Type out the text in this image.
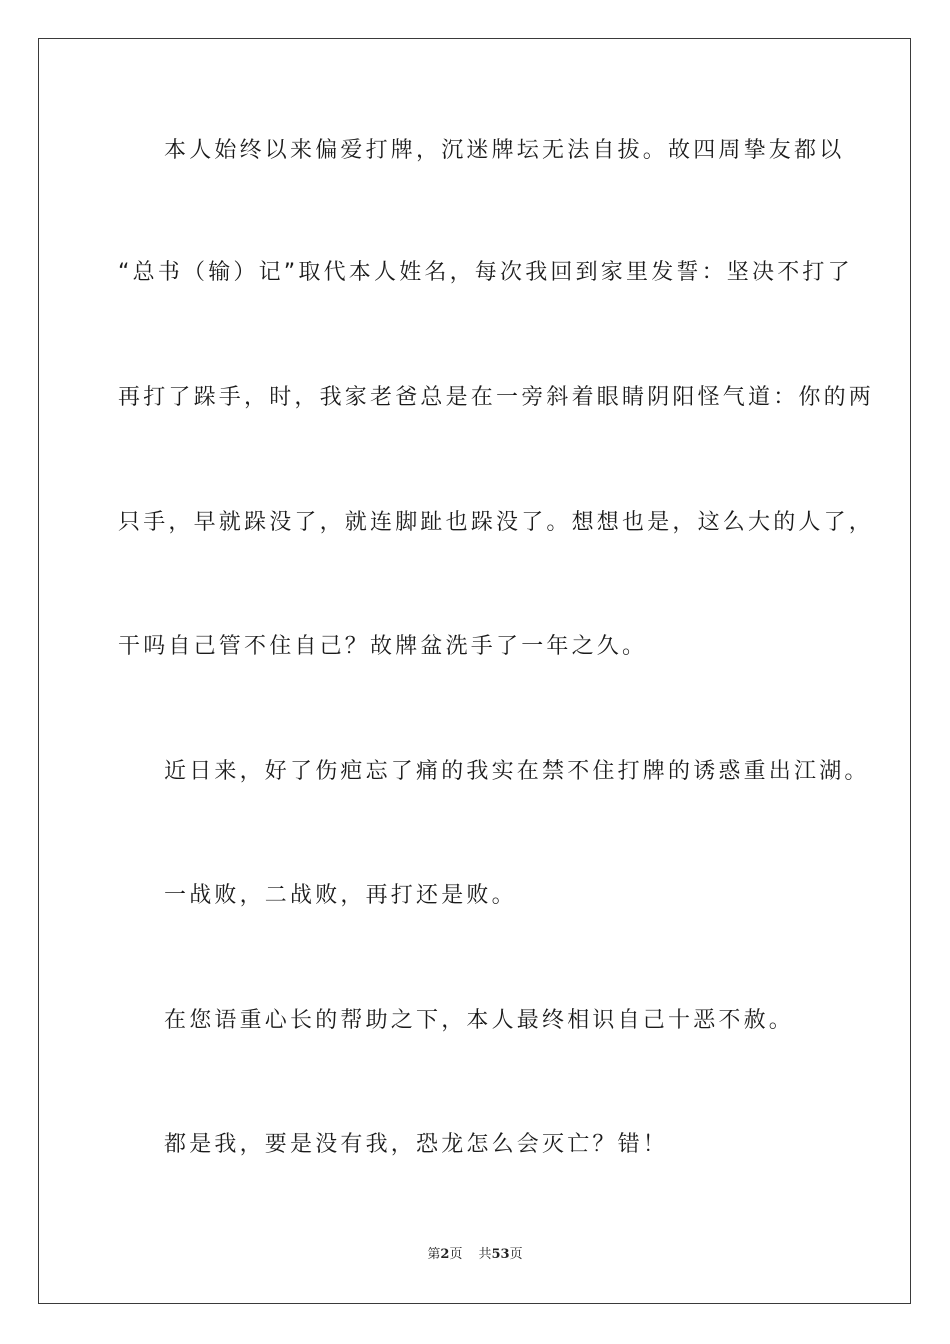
本人始终以来偏爱打牌，沉迷牌坛无法自拔。故四周挚友都以
“总书（输）记”取代本人姓名，每次我回到家里发誓：坚决不打了
再打了跺手，时，我家老爸总是在一旁斜着眼睛阴阳怪气道：你的两
只手，早就跺没了，就连脚趾也跺没了。想想也是，这么大的人了，
干吗自己管不住自己？故牌盆洗手了一年之久。
近日来，好了伤疤忘了痛的我实在禁不住打牌的诱惑重出江湖。
一战败，二战败，再打还是败。
在您语重心长的帮助之下，本人最终相识自己十恶不赦。
都是我，要是没有我，恐龙怎么会灭亡？错！
第2页 共53页
